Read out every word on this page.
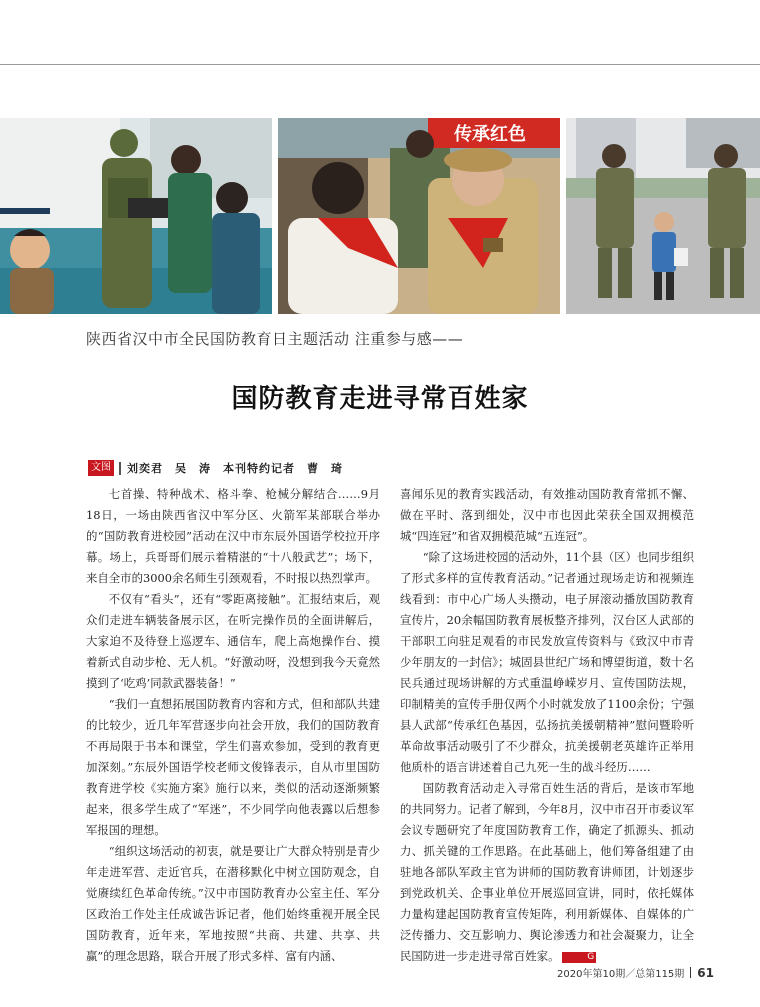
传承红色
陕西省汉中市全民国防教育日主题活动 注重参与感——
国防教育走进寻常百姓家
文图 刘奕君　吴　涛　本刊特约记者　曹　琦

七首操、特种战术、格斗拳、枪械分解结合……9月18日，一场由陕西省汉中军分区、火箭军某部联合举办的“国防教育进校园”活动在汉中市东辰外国语学校拉开序幕。场上，兵哥哥们展示着精湛的“十八般武艺”；场下，来自全市的3000余名师生引颈观看，不时报以热烈掌声。

不仅有“看头”，还有“零距离接触”。汇报结束后，观众们走进车辆装备展示区，在听完操作员的全面讲解后，大家迫不及待登上巡逻车、通信车，爬上高炮操作台、摸着新式自动步枪、无人机。“好激动呀，没想到我今天竟然摸到了‘吃鸡’同款武器装备！”

“我们一直想拓展国防教育内容和方式，但和部队共建的比较少，近几年军营逐步向社会开放，我们的国防教育不再局限于书本和课堂，学生们喜欢参加，受到的教育更加深刻。”东辰外国语学校老师文俊锋表示，自从市里国防教育进学校《实施方案》施行以来，类似的活动逐渐频繁起来，很多学生成了“军迷”，不少同学向他表露以后想参军报国的理想。

“组织这场活动的初衷，就是要让广大群众特别是青少年走进军营、走近官兵，在潜移默化中树立国防观念，自觉赓续红色革命传统。”汉中市国防教育办公室主任、军分区政治工作处主任成诚告诉记者，他们始终重视开展全民国防教育，近年来，军地按照“共商、共建、共享、共赢”的理念思路，联合开展了形式多样、富有内涵、

喜闻乐见的教育实践活动，有效推动国防教育常抓不懈、做在平时、落到细处，汉中市也因此荣获全国双拥模范城“四连冠”和省双拥模范城“五连冠”。

“除了这场进校园的活动外，11个县（区）也同步组织了形式多样的宣传教育活动。”记者通过现场走访和视频连线看到：市中心广场人头攒动，电子屏滚动播放国防教育宣传片，20余幅国防教育展板整齐排列，汉台区人武部的干部职工向驻足观看的市民发放宣传资料与《致汉中市青少年朋友的一封信》；城固县世纪广场和博望街道，数十名民兵通过现场讲解的方式重温峥嵘岁月、宣传国防法规，印制精美的宣传手册仅两个小时就发放了1100余份；宁强县人武部“传承红色基因，弘扬抗美援朝精神”慰问暨聆听革命故事活动吸引了不少群众，抗美援朝老英雄许正举用他质朴的语言讲述着自己九死一生的战斗经历……

国防教育活动走入寻常百姓生活的背后，是该市军地的共同努力。记者了解到，今年8月，汉中市召开市委议军会议专题研究了年度国防教育工作，确定了抓源头、抓动力、抓关键的工作思路。在此基础上，他们筹备组建了由驻地各部队军政主官为讲师的国防教育讲师团，计划逐步到党政机关、企事业单位开展巡回宣讲，同时，依托媒体力量构建起国防教育宣传矩阵，利用新媒体、自媒体的广泛传播力、交互影响力、舆论渗透力和社会凝聚力，让全民国防进一步走进寻常百姓家。	G

2020年第10期／总第115期 61
